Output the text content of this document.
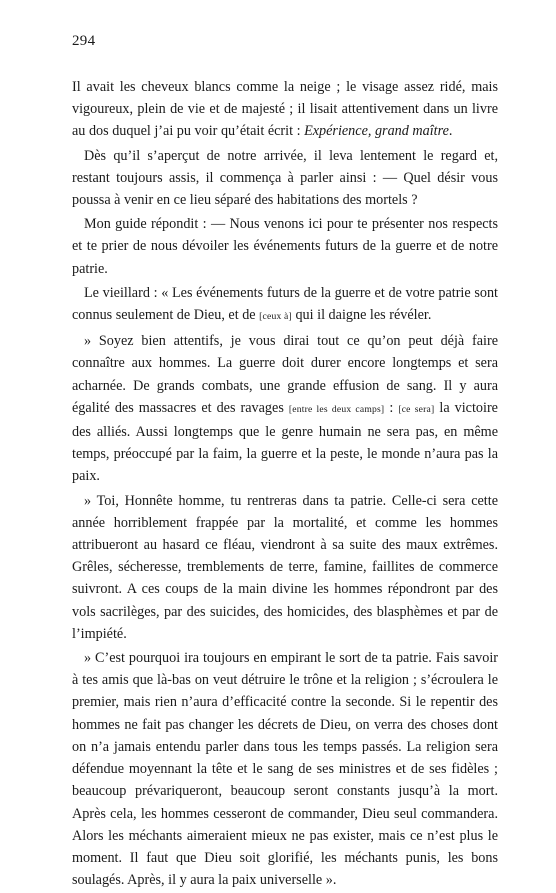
294

Il avait les cheveux blancs comme la neige ; le visage assez ridé, mais vigoureux, plein de vie et de majesté ; il lisait attentivement dans un livre au dos duquel j’ai pu voir qu’était écrit : Expérience, grand maître.

Dès qu’il s’aperçut de notre arrivée, il leva lentement le regard et, restant toujours assis, il commença à parler ainsi : — Quel désir vous poussa à venir en ce lieu séparé des habitations des mortels ?

Mon guide répondit : — Nous venons ici pour te présenter nos respects et te prier de nous dévoiler les événements futurs de la guerre et de notre patrie.

Le vieillard : « Les événements futurs de la guerre et de votre patrie sont connus seulement de Dieu, et de [ceux à] qui il daigne les révéler.

» Soyez bien attentifs, je vous dirai tout ce qu’on peut déjà faire connaître aux hommes. La guerre doit durer encore longtemps et sera acharnée. De grands combats, une grande effusion de sang. Il y aura égalité des massacres et des ravages [entre les deux camps] : [ce sera] la victoire des alliés. Aussi longtemps que le genre humain ne sera pas, en même temps, préoccupé par la faim, la guerre et la peste, le monde n’aura pas la paix.

» Toi, Honnête homme, tu rentreras dans ta patrie. Celle-ci sera cette année horriblement frappée par la mortalité, et comme les hommes attribueront au hasard ce fléau, viendront à sa suite des maux extrêmes. Grêles, sécheresse, tremblements de terre, famine, faillites de commerce suivront. A ces coups de la main divine les hommes répondront par des vols sacrilèges, par des suicides, des homicides, des blasphèmes et par de l’impiété.

» C’est pourquoi ira toujours en empirant le sort de ta patrie. Fais savoir à tes amis que là-bas on veut détruire le trône et la religion ; s’écroulera le premier, mais rien n’aura d’efficacité contre la seconde. Si le repentir des hommes ne fait pas changer les décrets de Dieu, on verra des choses dont on n’a jamais entendu parler dans tous les temps passés. La religion sera défendue moyennant la tête et le sang de ses ministres et de ses fidèles ; beaucoup prévariqueront, beaucoup seront constants jusqu’à la mort. Après cela, les hommes cesseront de commander, Dieu seul commandera. Alors les méchants aimeraient mieux ne pas exister, mais ce n’est plus le moment. Il faut que Dieu soit glorifié, les méchants punis, les bons soulagés. Après, il y aura la paix universelle ».
